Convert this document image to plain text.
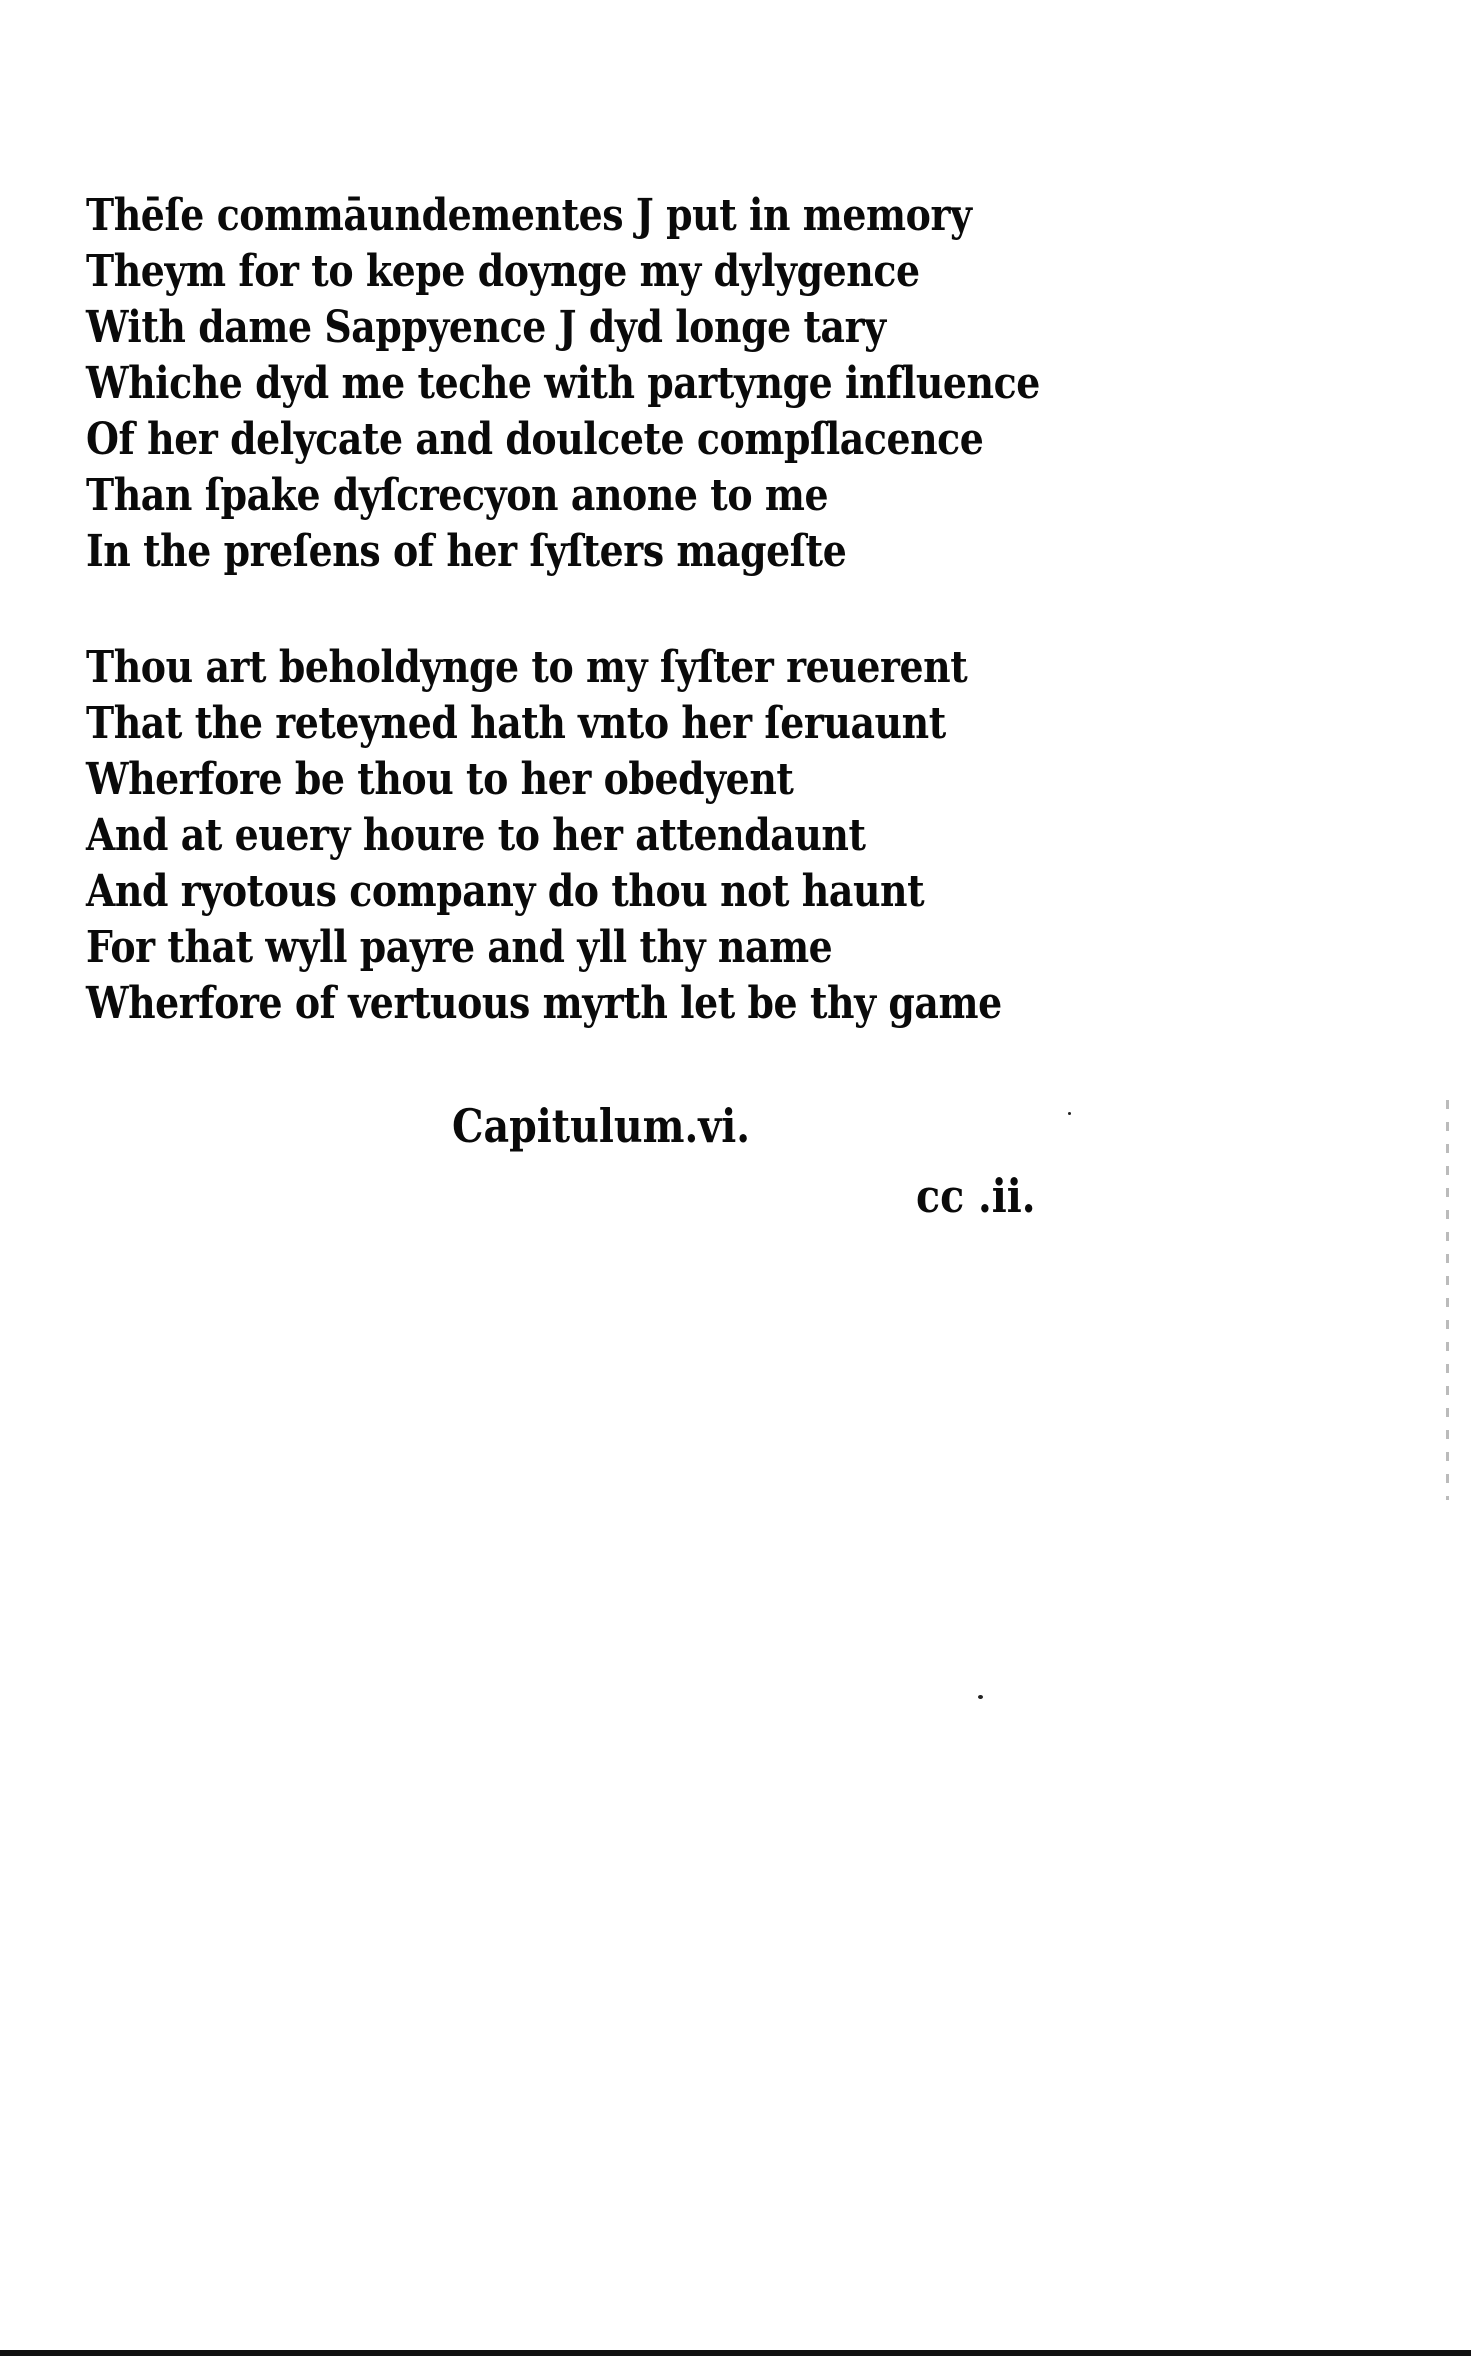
Thēſe commāundementes J put in memory
Theym for to kepe doynge my dylygence
With dame Sappyence J dyd longe tary
Whiche dyd me teche with partynge influence
Of her delycate and doulcete compſlacence
Than ſpake dyſcrecyon anone to me
In the preſens of her ſyſters mageſte
Thou art beholdynge to my ſyſter reuerent
That the reteyned hath vnto her ſeruaunt
Wherfore be thou to her obedyent
And at euery houre to her attendaunt
And ryotous company do thou not haunt
For that wyll payre and yll thy name
Wherfore of vertuous myrth let be thy game
Capitulum.vi.
cc .ii.
